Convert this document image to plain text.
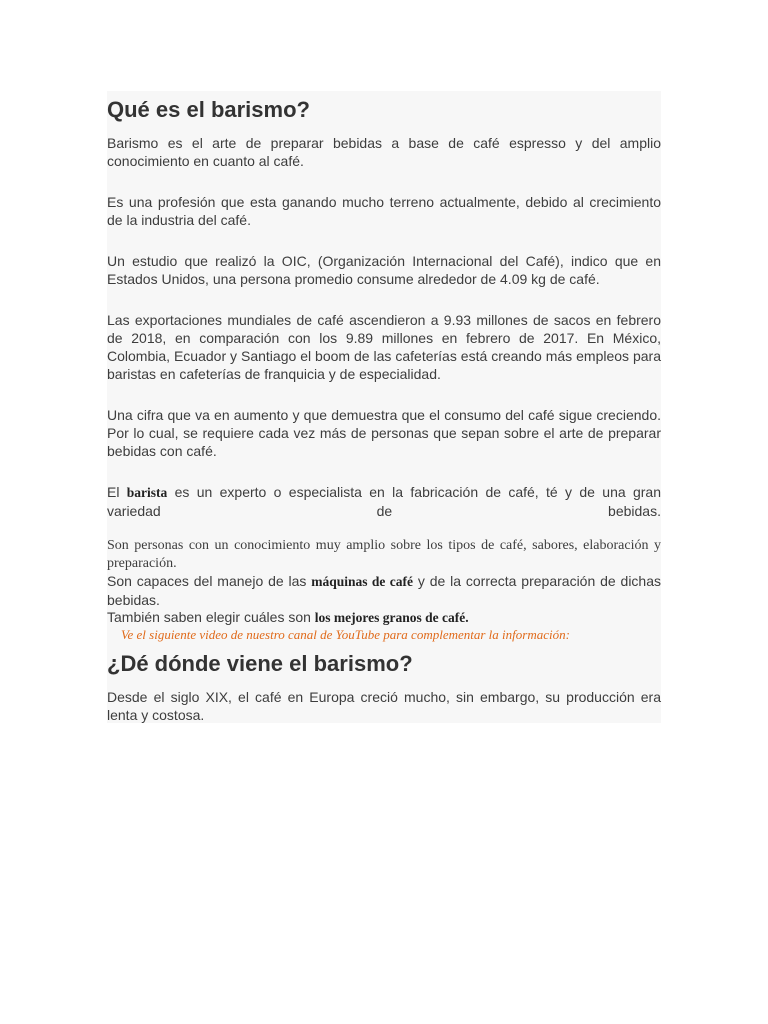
Qué es el barismo?

Barismo es el arte de preparar bebidas a base de café espresso y del amplio conocimiento en cuanto al café.

Es una profesión que esta ganando mucho terreno actualmente, debido al crecimiento de la industria del café.

Un estudio que realizó la OIC, (Organización Internacional del Café), indico que en Estados Unidos, una persona promedio consume alrededor de 4.09 kg de café.

Las exportaciones mundiales de café ascendieron a 9.93 millones de sacos en febrero de 2018, en comparación con los 9.89 millones en febrero de 2017. En México, Colombia, Ecuador y Santiago el boom de las cafeterías está creando más empleos para baristas en cafeterías de franquicia y de especialidad.

Una cifra que va en aumento y que demuestra que el consumo del café sigue creciendo. Por lo cual, se requiere cada vez más de personas que sepan sobre el arte de preparar bebidas con café.

El barista es un experto o especialista en la fabricación de café, té y de una gran variedad de bebidas.

Son personas con un conocimiento muy amplio sobre los tipos de café, sabores, elaboración y preparación.

Son capaces del manejo de las máquinas de café y de la correcta preparación de dichas bebidas.

También saben elegir cuáles son los mejores granos de café.

Ve el siguiente video de nuestro canal de YouTube para complementar la información:

¿Dé dónde viene el barismo?

Desde el siglo XIX, el café en Europa creció mucho, sin embargo, su producción era lenta y costosa.
